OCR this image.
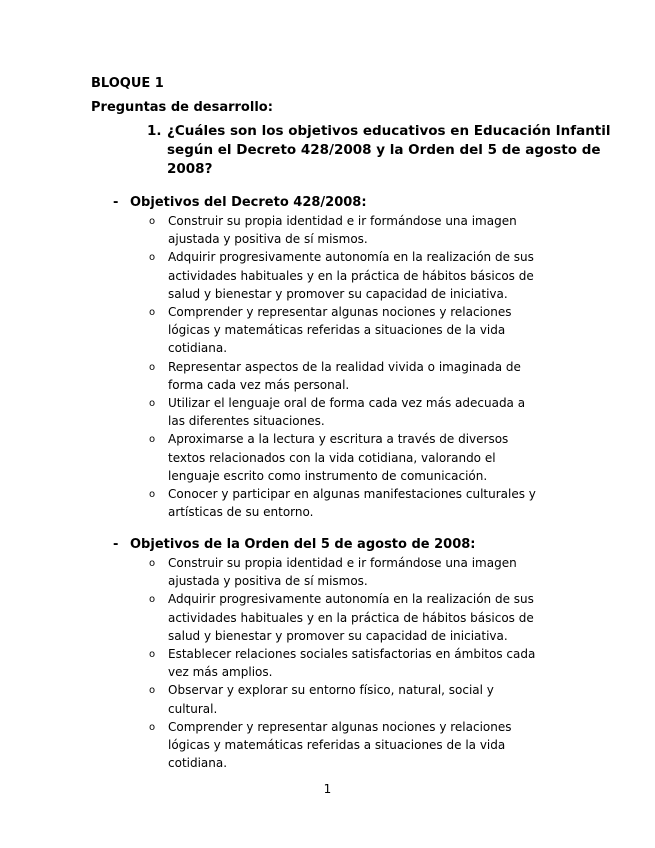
BLOQUE 1
Preguntas de desarrollo:
1. ¿Cuáles son los objetivos educativos en Educación Infantil
según el Decreto 428/2008 y la Orden del 5 de agosto de
2008?
- Objetivos del Decreto 428/2008:
o Construir su propia identidad e ir formándose una imagen
ajustada y positiva de sí mismos.
o Adquirir progresivamente autonomía en la realización de sus
actividades habituales y en la práctica de hábitos básicos de
salud y bienestar y promover su capacidad de iniciativa.
o Comprender y representar algunas nociones y relaciones
lógicas y matemáticas referidas a situaciones de la vida
cotidiana.
o Representar aspectos de la realidad vivida o imaginada de
forma cada vez más personal.
o Utilizar el lenguaje oral de forma cada vez más adecuada a
las diferentes situaciones.
o Aproximarse a la lectura y escritura a través de diversos
textos relacionados con la vida cotidiana, valorando el
lenguaje escrito como instrumento de comunicación.
o Conocer y participar en algunas manifestaciones culturales y
artísticas de su entorno.
- Objetivos de la Orden del 5 de agosto de 2008:
o Construir su propia identidad e ir formándose una imagen
ajustada y positiva de sí mismos.
o Adquirir progresivamente autonomía en la realización de sus
actividades habituales y en la práctica de hábitos básicos de
salud y bienestar y promover su capacidad de iniciativa.
o Establecer relaciones sociales satisfactorias en ámbitos cada
vez más amplios.
o Observar y explorar su entorno físico, natural, social y
cultural.
o Comprender y representar algunas nociones y relaciones
lógicas y matemáticas referidas a situaciones de la vida
cotidiana.
1
